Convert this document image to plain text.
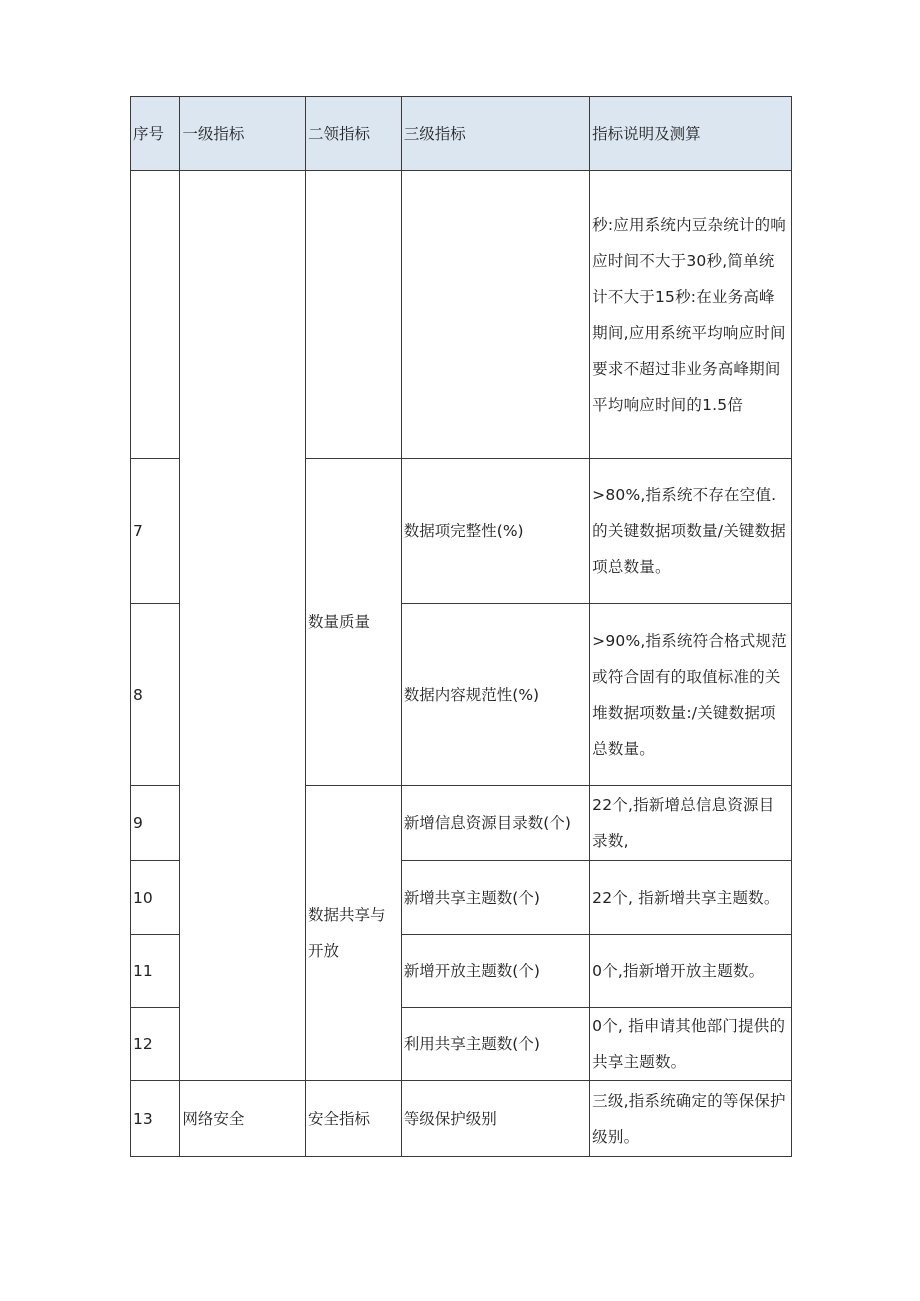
序号	一级指标	二领指标	三级指标	指标说明及测算
				秒:应用系统内豆杂统计的响应时间不大于30秒,简单统计不大于15秒:在业务高峰期间,应用系统平均响应时间要求不超过非业务高峰期间平均响应时间的1.5倍
7		数量质量	数据项完整性(%)	>80%,指系统不存在空值.的关键数据项数量/关键数据项总数量。
8			数据内容规范性(%)	>90%,指系统符合格式规范或符合固有的取值标准的关堆数据项数量:/关键数据项总数量。
9		数据共享与开放	新增信息资源目录数(个)	22个,指新增总信息资源目录数,
10			新增共享主题数(个)	22个, 指新增共享主题数。
11			新增开放主题数(个)	0个,指新增开放主题数。
12			利用共享主题数(个)	0个, 指申请其他部门提供的共享主题数。
13	网络安全	安全指标	等级保护级别	三级,指系统确定的等保保护级别。
